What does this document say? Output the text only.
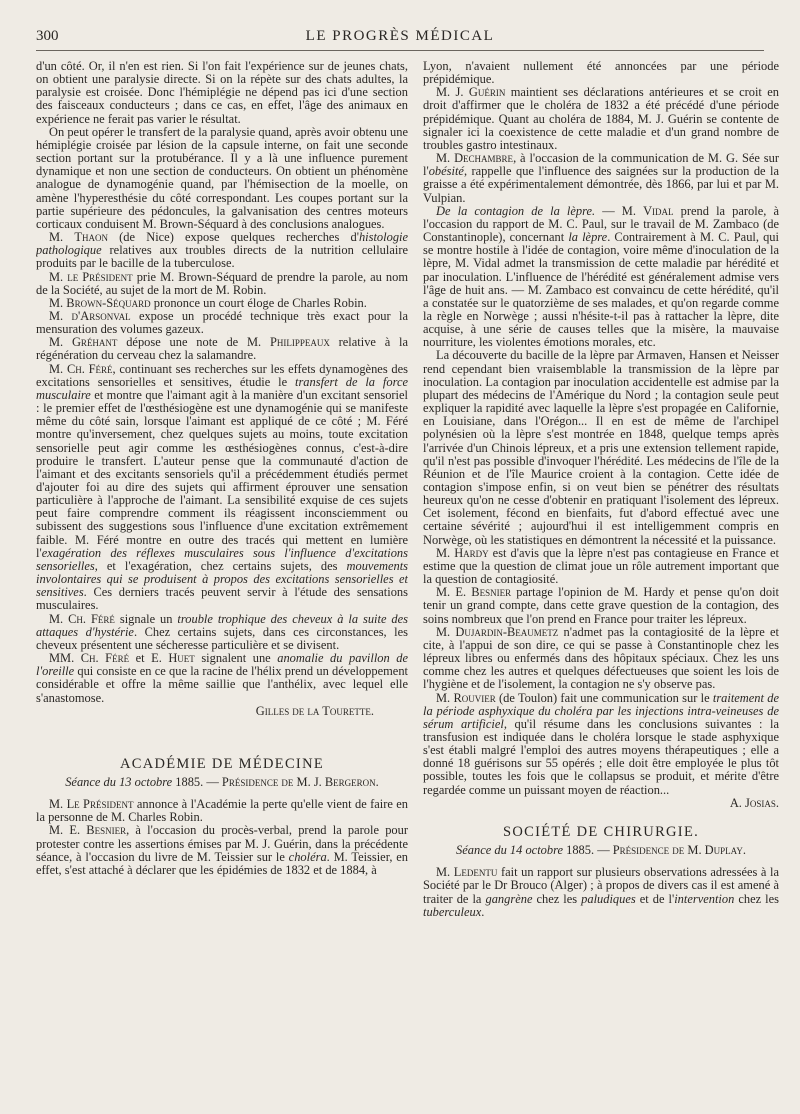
300	LE PROGRÈS MÉDICAL

d'un côté. Or, il n'en est rien. Si l'on fait l'expérience sur de jeunes chats, on obtient une paralysie directe. Si on la répète sur des chats adultes, la paralysie est croisée. Donc l'hémiplégie ne dépend pas ici d'une section des faisceaux conducteurs ; dans ce cas, en effet, l'âge des animaux en expérience ne ferait pas varier le résultat.

On peut opérer le transfert de la paralysie quand, après avoir obtenu une hémiplégie croisée par lésion de la capsule interne, on fait une seconde section portant sur la protubérance. Il y a là une influence purement dynamique et non une section de conducteurs. On obtient un phénomène analogue de dynamogénie quand, par l'hémisection de la moelle, on amène l'hyperesthésie du côté correspondant. Les coupes portant sur la partie supérieure des pédoncules, la galvanisation des centres moteurs corticaux conduisent M. Brown-Séquard à des conclusions analogues.

M. Thaon (de Nice) expose quelques recherches d'histologie pathologique relatives aux troubles directs de la nutrition cellulaire produits par le bacille de la tuberculose.

M. le Président prie M. Brown-Séquard de prendre la parole, au nom de la Société, au sujet de la mort de M. Robin.

M. Brown-Séquard prononce un court éloge de Charles Robin.

M. d'Arsonval expose un procédé technique très exact pour la mensuration des volumes gazeux.

M. Gréhant dépose une note de M. Philippeaux relative à la régénération du cerveau chez la salamandre.

M. Ch. Féré, continuant ses recherches sur les effets dynamogènes des excitations sensorielles et sensitives, étudie le transfert de la force musculaire et montre que l'aimant agit à la manière d'un excitant sensoriel : le premier effet de l'œsthésiogène est une dynamogénie qui se manifeste même du côté sain, lorsque l'aimant est appliqué de ce côté ; M. Féré montre qu'inversement, chez quelques sujets au moins, toute excitation sensorielle peut agir comme les œsthésiogènes connus, c'est-à-dire produire le transfert. L'auteur pense que la communauté d'action de l'aimant et des excitants sensoriels qu'il a précédemment étudiés permet d'ajouter foi au dire des sujets qui affirment éprouver une sensation particulière à l'approche de l'aimant. La sensibilité exquise de ces sujets peut faire comprendre comment ils réagissent inconsciemment ou subissent des suggestions sous l'influence d'une excitation extrêmement faible. M. Féré montre en outre des tracés qui mettent en lumière l'exagération des réflexes musculaires sous l'influence d'excitations sensorielles, et l'exagération, chez certains sujets, des mouvements involontaires qui se produisent à propos des excitations sensorielles et sensitives. Ces derniers tracés peuvent servir à l'étude des sensations musculaires.

M. Ch. Féré signale un trouble trophique des cheveux à la suite des attaques d'hystérie. Chez certains sujets, dans ces circonstances, les cheveux présentent une sécheresse particulière et se divisent.

MM. Ch. Féré et E. Huet signalent une anomalie du pavillon de l'oreille qui consiste en ce que la racine de l'hélix prend un développement considérable et offre la même saillie que l'anthélix, avec lequel elle s'anastomose.

Gilles de la Tourette.

ACADÉMIE DE MÉDECINE
Séance du 13 octobre 1885. — Présidence de M. J. Bergeron.

M. Le Président annonce à l'Académie la perte qu'elle vient de faire en la personne de M. Charles Robin.

M. E. Besnier, à l'occasion du procès-verbal, prend la parole pour protester contre les assertions émises par M. J. Guérin, dans la précédente séance, à l'occasion du livre de M. Teissier sur le choléra. M. Teissier, en effet, s'est attaché à déclarer que les épidémies de 1832 et de 1884, à

Lyon, n'avaient nullement été annoncées par une période prépidémique.

M. J. Guérin maintient ses déclarations antérieures et se croit en droit d'affirmer que le choléra de 1832 a été précédé d'une période prépidémique. Quant au choléra de 1884, M. J. Guérin se contente de signaler ici la coexistence de cette maladie et d'un grand nombre de troubles gastro intestinaux.

M. Dechambre, à l'occasion de la communication de M. G. Sée sur l'obésité, rappelle que l'influence des saignées sur la production de la graisse a été expérimentalement démontrée, dès 1866, par lui et par M. Vulpian.

De la contagion de la lèpre. — M. Vidal prend la parole, à l'occasion du rapport de M. C. Paul, sur le travail de M. Zambaco (de Constantinople), concernant la lèpre. Contrairement à M. C. Paul, qui se montre hostile à l'idée de contagion, voire même d'inoculation de la lèpre, M. Vidal admet la transmission de cette maladie par hérédité et par inoculation. L'influence de l'hérédité est généralement admise vers l'âge de huit ans. — M. Zambaco est convaincu de cette hérédité, qu'il a constatée sur le quatorzième de ses malades, et qu'on regarde comme la règle en Norwège ; aussi n'hésite-t-il pas à rattacher la lèpre, dite acquise, à une série de causes telles que la misère, la mauvaise nourriture, les violentes émotions morales, etc.

La découverte du bacille de la lèpre par Armaven, Hansen et Neisser rend cependant bien vraisemblable la transmission de la lèpre par inoculation. La contagion par inoculation accidentelle est admise par la plupart des médecins de l'Amérique du Nord ; la contagion seule peut expliquer la rapidité avec laquelle la lèpre s'est propagée en Californie, en Louisiane, dans l'Orégon... Il en est de même de l'archipel polynésien où la lèpre s'est montrée en 1848, quelque temps après l'arrivée d'un Chinois lépreux, et a pris une extension tellement rapide, qu'il n'est pas possible d'invoquer l'hérédité. Les médecins de l'île de la Réunion et de l'île Maurice croient à la contagion. Cette idée de contagion s'impose enfin, si on veut bien se pénétrer des résultats heureux qu'on ne cesse d'obtenir en pratiquant l'isolement des lépreux. Cet isolement, fécond en bienfaits, fut d'abord effectué avec une certaine sévérité ; aujourd'hui il est intelligemment compris en Norwège, où les statistiques en démontrent la nécessité et la puissance.

M. Hardy est d'avis que la lèpre n'est pas contagieuse en France et estime que la question de climat joue un rôle autrement important que la question de contagiosité.

M. E. Besnier partage l'opinion de M. Hardy et pense qu'on doit tenir un grand compte, dans cette grave question de la contagion, des soins nombreux que l'on prend en France pour traiter les lépreux.

M. Dujardin-Beaumetz n'admet pas la contagiosité de la lèpre et cite, à l'appui de son dire, ce qui se passe à Constantinople chez les lépreux libres ou enfermés dans des hôpitaux spéciaux. Chez les uns comme chez les autres et quelques défectueuses que soient les lois de l'hygiène et de l'isolement, la contagion ne s'y observe pas.

M. Rouvier (de Toulon) fait une communication sur le traitement de la période asphyxique du choléra par les injections intra-veineuses de sérum artificiel, qu'il résume dans les conclusions suivantes : la transfusion est indiquée dans le choléra lorsque le stade asphyxique s'est établi malgré l'emploi des autres moyens thérapeutiques ; elle a donné 18 guérisons sur 55 opérés ; elle doit être employée le plus tôt possible, toutes les fois que le collapsus se produit, et mérite d'être regardée comme un puissant moyen de réaction...

A. Josias.

SOCIÉTÉ DE CHIRURGIE.
Séance du 14 octobre 1885. — Présidence de M. Duplay.

M. Ledentu fait un rapport sur plusieurs observations adressées à la Société par le Dr Brouco (Alger) ; à propos de divers cas il est amené à traiter de la gangrène chez les paludiques et de l'intervention chez les tuberculeux.
